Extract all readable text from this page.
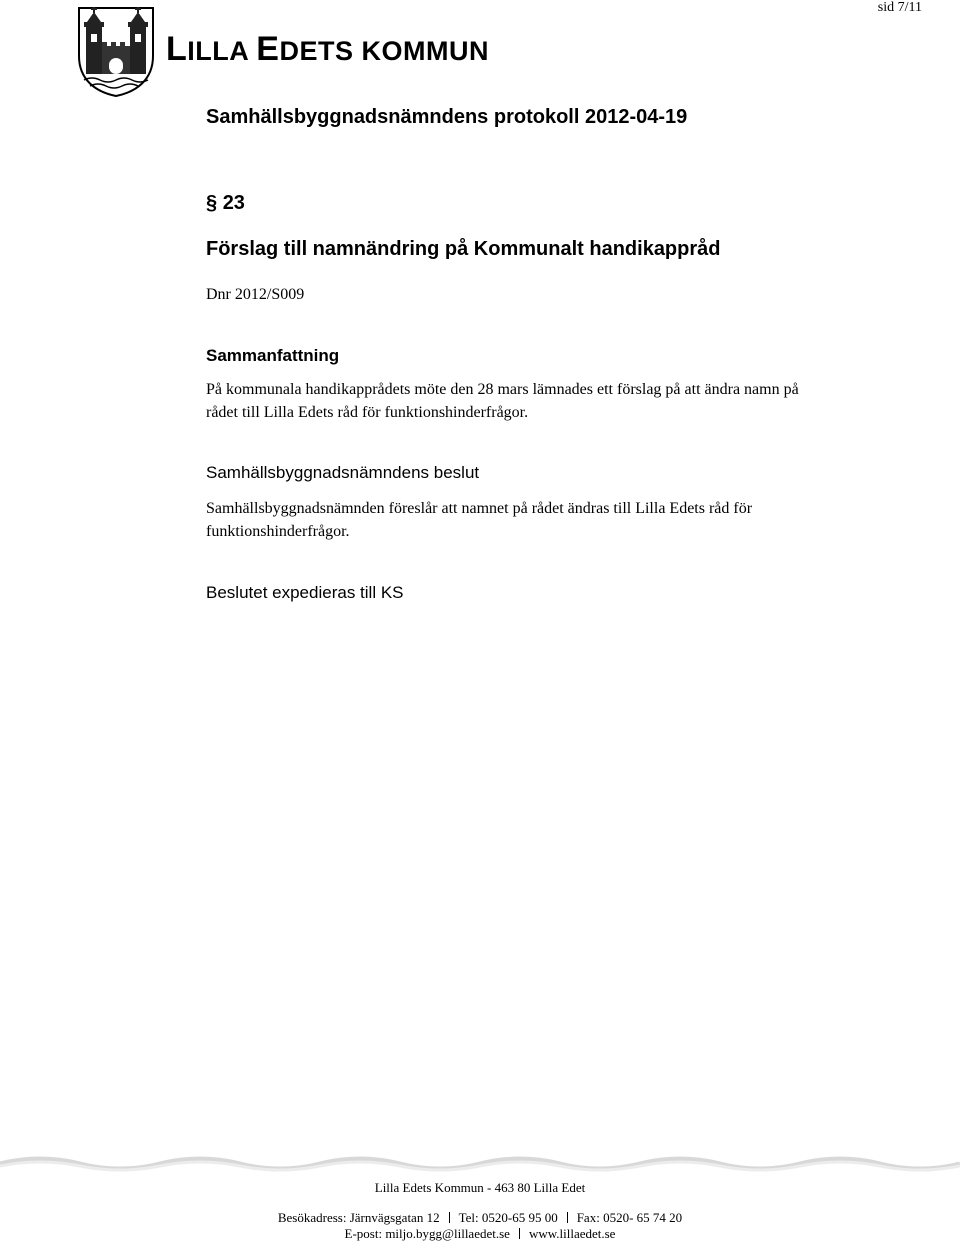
sid 7/11
LILLA EDETS KOMMUN
Samhällsbyggnadsnämndens protokoll 2012-04-19
§ 23
Förslag till namnändring på Kommunalt handikappråd
Dnr 2012/S009
Sammanfattning
På kommunala handikapprådets möte den 28 mars lämnades ett förslag på att ändra namn på rådet till Lilla Edets råd för funktionshinderfrågor.
Samhällsbyggnadsnämndens beslut
Samhällsbyggnadsnämnden föreslår att namnet på rådet ändras till Lilla Edets råd för funktionshinderfrågor.
Beslutet expedieras till KS
Lilla Edets Kommun - 463 80 Lilla Edet
Besökadress: Järnvägsgatan 12 Tel: 0520-65 95 00 Fax: 0520- 65 74 20
E-post: miljo.bygg@lillaedet.se www.lillaedet.se
